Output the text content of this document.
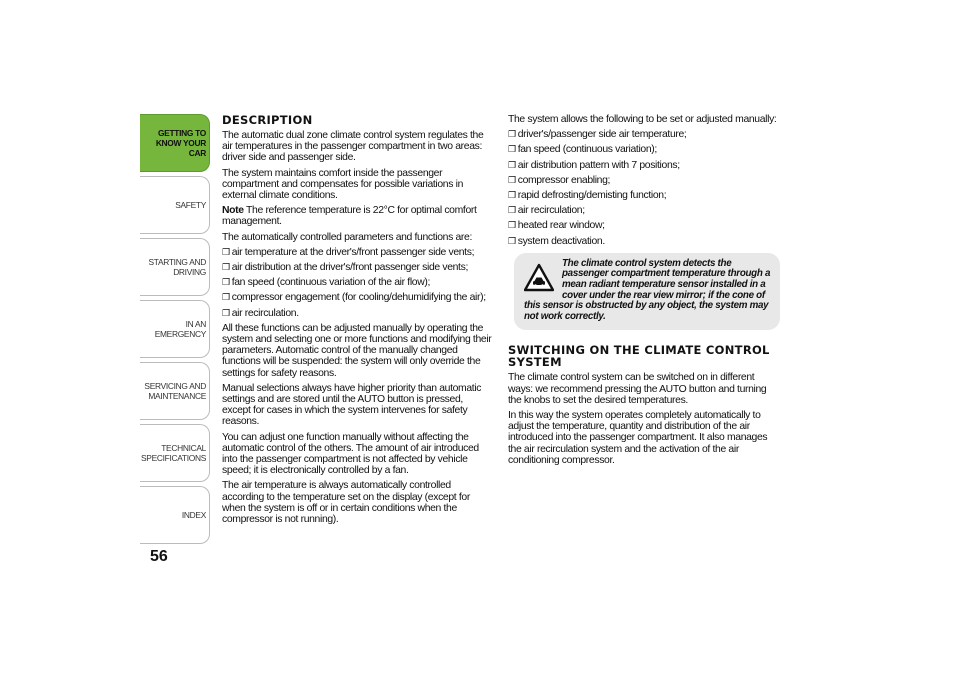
GETTING TO KNOW YOUR CAR
SAFETY
STARTING AND DRIVING
IN AN EMERGENCY
SERVICING AND MAINTENANCE
TECHNICAL SPECIFICATIONS
INDEX
56
DESCRIPTION

The automatic dual zone climate control system regulates the air temperatures in the passenger compartment in two areas: driver side and passenger side.

The system maintains comfort inside the passenger compartment and compensates for possible variations in external climate conditions.

Note The reference temperature is 22°C for optimal comfort management.

The automatically controlled parameters and functions are:

❒ air temperature at the driver's/front passenger side vents;
❒ air distribution at the driver's/front passenger side vents;
❒ fan speed (continuous variation of the air flow);
❒ compressor engagement (for cooling/dehumidifying the air);
❒ air recirculation.

All these functions can be adjusted manually by operating the system and selecting one or more functions and modifying their parameters. Automatic control of the manually changed functions will be suspended: the system will only override the settings for safety reasons.

Manual selections always have higher priority than automatic settings and are stored until the AUTO button is pressed, except for cases in which the system intervenes for safety reasons.

You can adjust one function manually without affecting the automatic control of the others. The amount of air introduced into the passenger compartment is not affected by vehicle speed; it is electronically controlled by a fan.

The air temperature is always automatically controlled according to the temperature set on the display (except for when the system is off or in certain conditions when the compressor is not running).

The system allows the following to be set or adjusted manually:

❒ driver's/passenger side air temperature;
❒ fan speed (continuous variation);
❒ air distribution pattern with 7 positions;
❒ compressor enabling;
❒ rapid defrosting/demisting function;
❒ air recirculation;
❒ heated rear window;
❒ system deactivation.
The climate control system detects the passenger compartment temperature through a mean radiant temperature sensor installed in a cover under the rear view mirror; if the cone of this sensor is obstructed by any object, the system may not work correctly.
SWITCHING ON THE CLIMATE CONTROL SYSTEM

The climate control system can be switched on in different ways: we recommend pressing the AUTO button and turning the knobs to set the desired temperatures.

In this way the system operates completely automatically to adjust the temperature, quantity and distribution of the air introduced into the passenger compartment. It also manages the air recirculation system and the activation of the air conditioning compressor.
